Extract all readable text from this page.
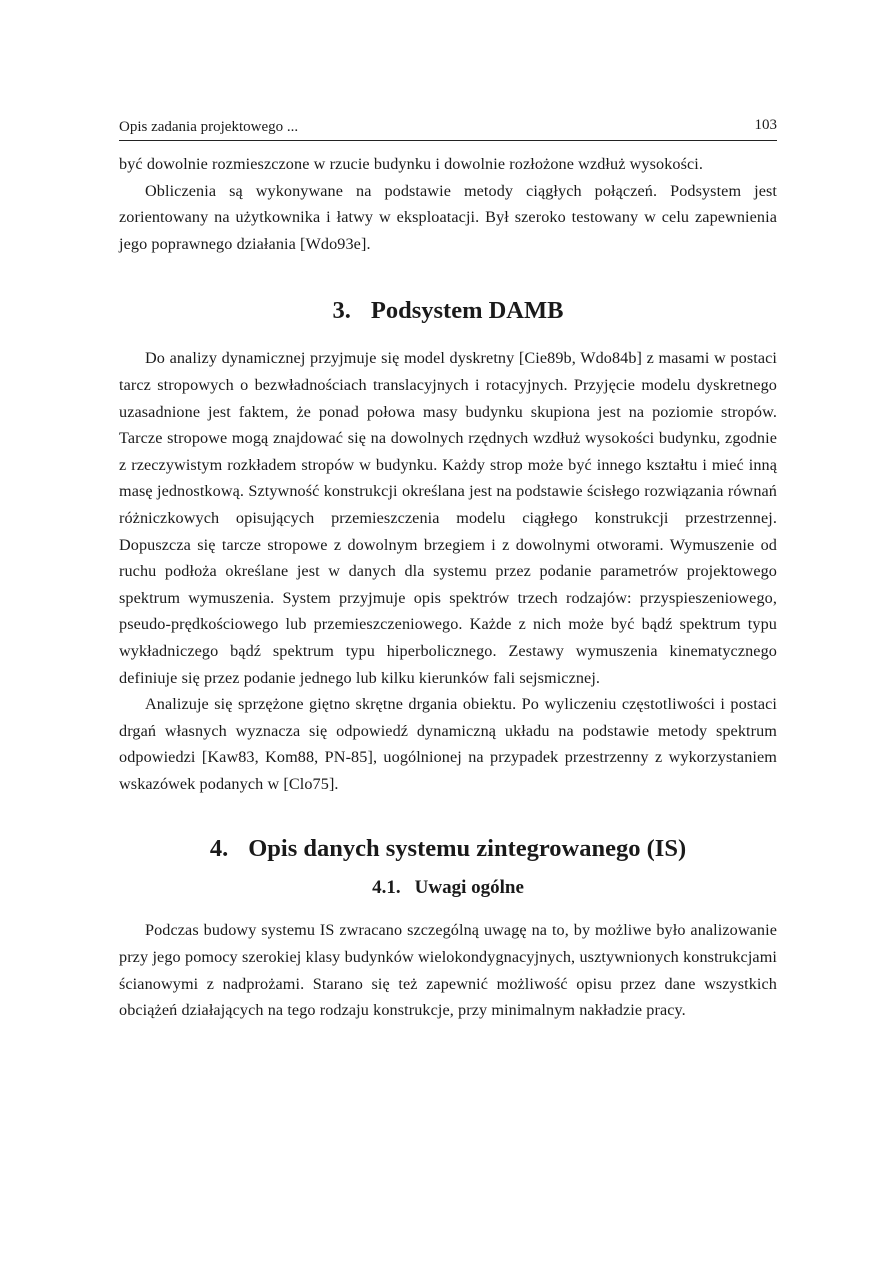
Opis zadania projektowego ...	103

być dowolnie rozmieszczone w rzucie budynku i dowolnie rozłożone wzdłuż wysokości.

Obliczenia są wykonywane na podstawie metody ciągłych połączeń. Podsystem jest zorientowany na użytkownika i łatwy w eksploatacji. Był szeroko testowany w celu zapewnienia jego poprawnego działania [Wdo93e].

3. Podsystem DAMB

Do analizy dynamicznej przyjmuje się model dyskretny [Cie89b, Wdo84b] z masami w postaci tarcz stropowych o bezwładnościach translacyjnych i rotacyjnych. Przyjęcie modelu dyskretnego uzasadnione jest faktem, że ponad połowa masy budynku skupiona jest na poziomie stropów. Tarcze stropowe mogą znajdować się na dowolnych rzędnych wzdłuż wysokości budynku, zgodnie z rzeczywistym rozkładem stropów w budynku. Każdy strop może być innego kształtu i mieć inną masę jednostkową. Sztywność konstrukcji określana jest na podstawie ścisłego rozwiązania równań różniczkowych opisujących przemieszczenia modelu ciągłego konstrukcji przestrzennej. Dopuszcza się tarcze stropowe z dowolnym brzegiem i z dowolnymi otworami. Wymuszenie od ruchu podłoża określane jest w danych dla systemu przez podanie parametrów projektowego spektrum wymuszenia. System przyjmuje opis spektrów trzech rodzajów: przyspieszeniowego, pseudo-prędkościowego lub przemieszczeniowego. Każde z nich może być bądź spektrum typu wykładniczego bądź spektrum typu hiperbolicznego. Zestawy wymuszenia kinematycznego definiuje się przez podanie jednego lub kilku kierunków fali sejsmicznej.

Analizuje się sprzężone giętno skrętne drgania obiektu. Po wyliczeniu częstotliwości i postaci drgań własnych wyznacza się odpowiedź dynamiczną układu na podstawie metody spektrum odpowiedzi [Kaw83, Kom88, PN-85], uogólnionej na przypadek przestrzenny z wykorzystaniem wskazówek podanych w [Clo75].

4. Opis danych systemu zintegrowanego (IS)
4.1. Uwagi ogólne

Podczas budowy systemu IS zwracano szczególną uwagę na to, by możliwe było analizowanie przy jego pomocy szerokiej klasy budynków wielokondygnacyjnych, usztywnionych konstrukcjami ścianowymi z nadprożami. Starano się też zapewnić możliwość opisu przez dane wszystkich obciążeń działających na tego rodzaju konstrukcje, przy minimalnym nakładzie pracy.
